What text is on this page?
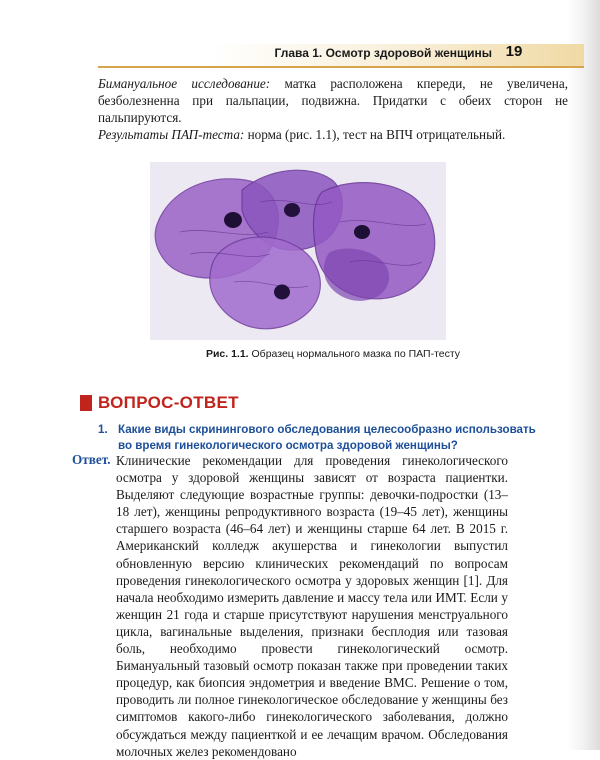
Глава 1. Осмотр здоровой женщины 19
Бимануальное исследование: матка расположена кпереди, не увеличена, безболезненна при пальпации, подвижна. Придатки с обеих сторон не пальпируются.
Результаты ПАП-теста: норма (рис. 1.1), тест на ВПЧ отрицательный.
Рис. 1.1. Образец нормального мазка по ПАП-тесту
ВОПРОС-ОТВЕТ
1. Какие виды скринингового обследования целесообразно использовать во время гинекологического осмотра здоровой женщины?
Ответ. Клинические рекомендации для проведения гинекологического осмотра у здоровой женщины зависят от возраста пациентки. Выделяют следующие возрастные группы: девочки-подростки (13–18 лет), женщины репродуктивного возраста (19–45 лет), женщины старшего возраста (46–64 лет) и женщины старше 64 лет. В 2015 г. Американский колледж акушерства и гинекологии выпустил обновленную версию клинических рекомендаций по вопросам проведения гинекологического осмотра у здоровых женщин [1]. Для начала необходимо измерить давление и массу тела или ИМТ. Если у женщин 21 года и старше присутствуют нарушения менструального цикла, вагинальные выделения, признаки бесплодия или тазовая боль, необходимо провести гинекологический осмотр. Бимануальный тазовый осмотр показан также при проведении таких процедур, как биопсия эндометрия и введение ВМС. Решение о том, проводить ли полное гинекологическое обследование у женщины без симптомов какого-либо гинекологического заболевания, должно обсуждаться между пациенткой и ее лечащим врачом. Обследования молочных желез рекомендовано
